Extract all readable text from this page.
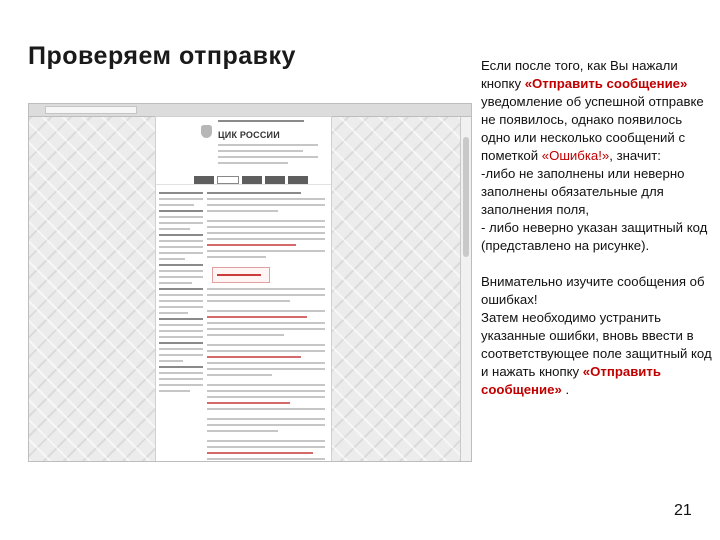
Проверяем отправку
ЦИК РОССИИ

Если после того, как Вы нажали кнопку «Отправить сообщение» уведомление об успешной отправке не появилось, однако появилось одно или несколько сообщений с пометкой «Ошибка!», значит:

-либо не заполнены или неверно заполнены обязательные для заполнения поля,

- либо неверно указан защитный код (представлено на рисунке).

Внимательно изучите сообщения об ошибках!

Затем необходимо устранить указанные ошибки, вновь ввести в соответствующее поле защитный код и нажать кнопку «Отправить сообщение» .

21
